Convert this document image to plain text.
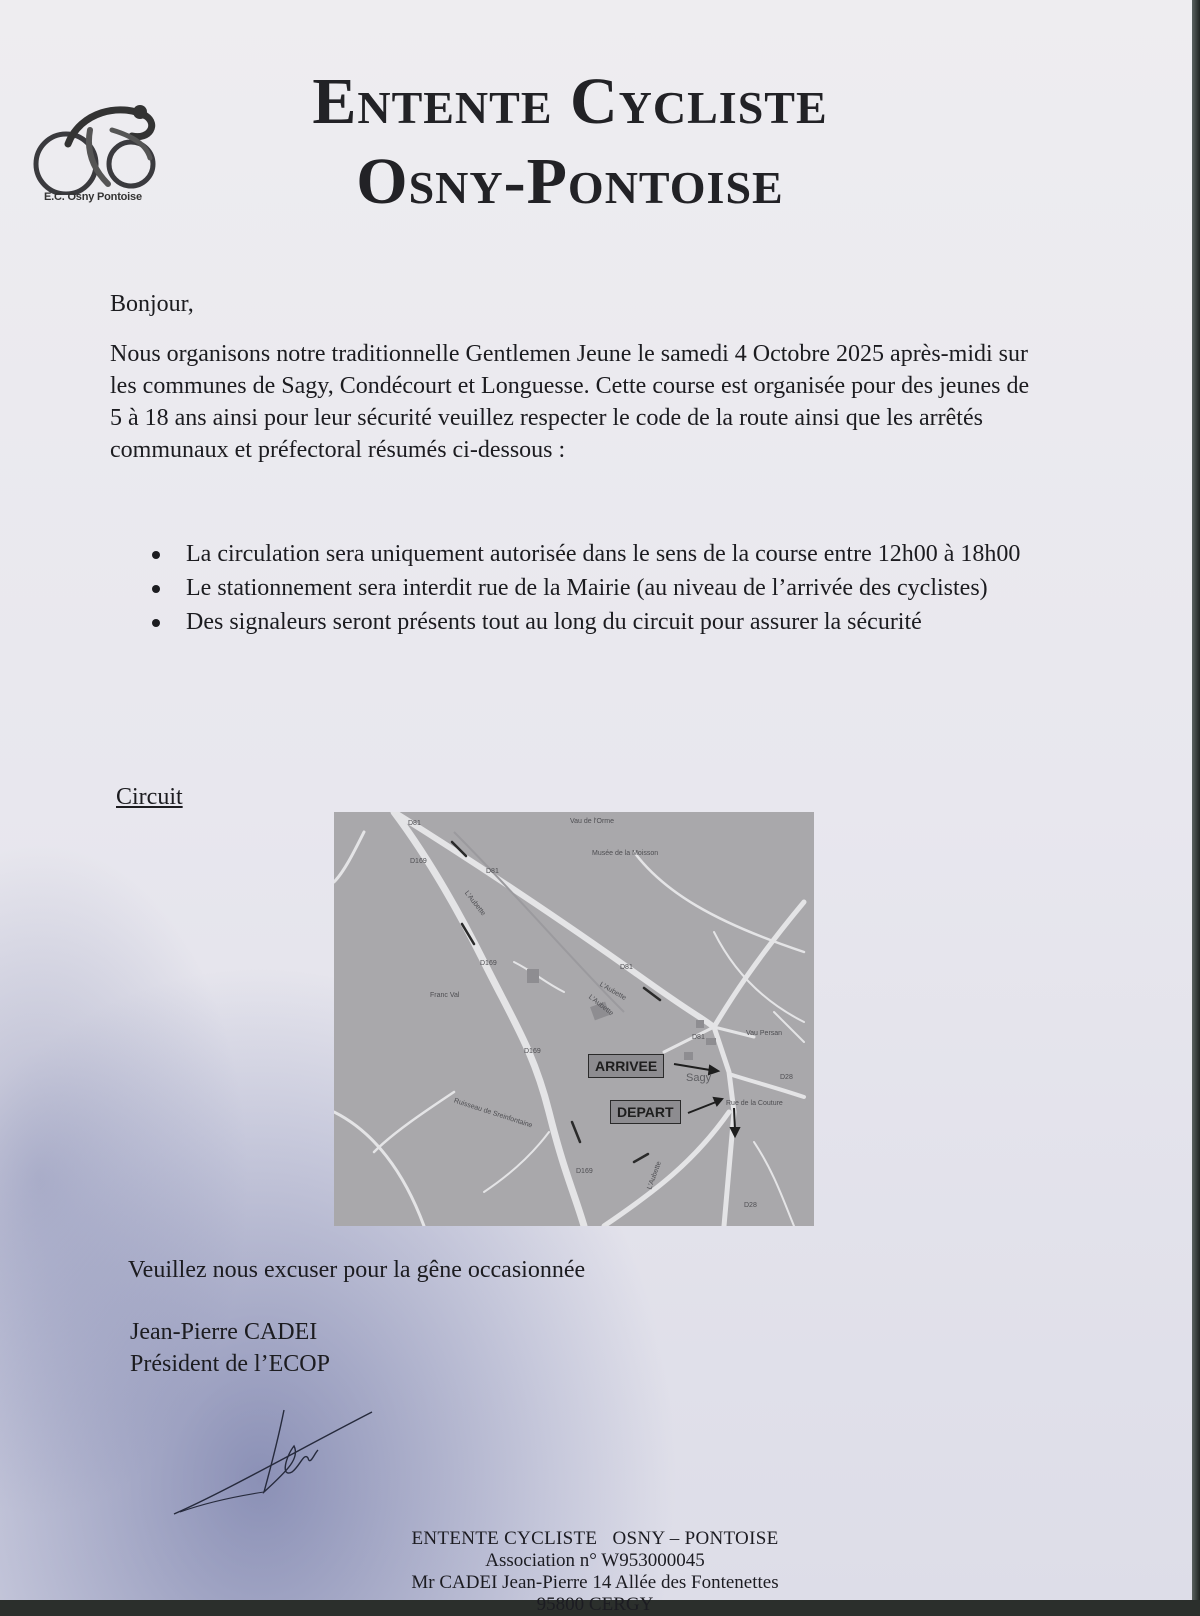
E.C. Osny Pontoise
Entente Cycliste
Osny-Pontoise
Bonjour,
Nous organisons notre traditionnelle Gentlemen Jeune le samedi 4 Octobre 2025 après-midi sur les communes de Sagy, Condécourt et Longuesse. Cette course est organisée pour des jeunes de 5 à 18 ans ainsi pour leur sécurité veuillez respecter le code de la route ainsi que les arrêtés communaux et préfectoral résumés ci-dessous :
La circulation sera uniquement autorisée dans le sens de la course entre 12h00 à 18h00
Le stationnement sera interdit rue de la Mairie (au niveau de l’arrivée des cyclistes)
Des signaleurs seront présents tout au long du circuit pour assurer la sécurité
Circuit
Vau de l'Orme
Musée de la Moisson
L'Aubette
L'Aubette
L'Aubette
L'Aubette
Franc Val
Vau Persan
Sagy
Ruisseau de Sreinfontaine	Rue de la Couture
D81
D81
D81
D81
D169
D169
D169
D169
D28
D28
ARRIVEE
DEPART
Veuillez nous excuser pour la gêne occasionnée
Jean-Pierre CADEI
Président de l’ECOP
ENTENTE CYCLISTE   OSNY – PONTOISE
Association n° W953000045
Mr CADEI Jean-Pierre 14 Allée des Fontenettes
95800 CERGY
